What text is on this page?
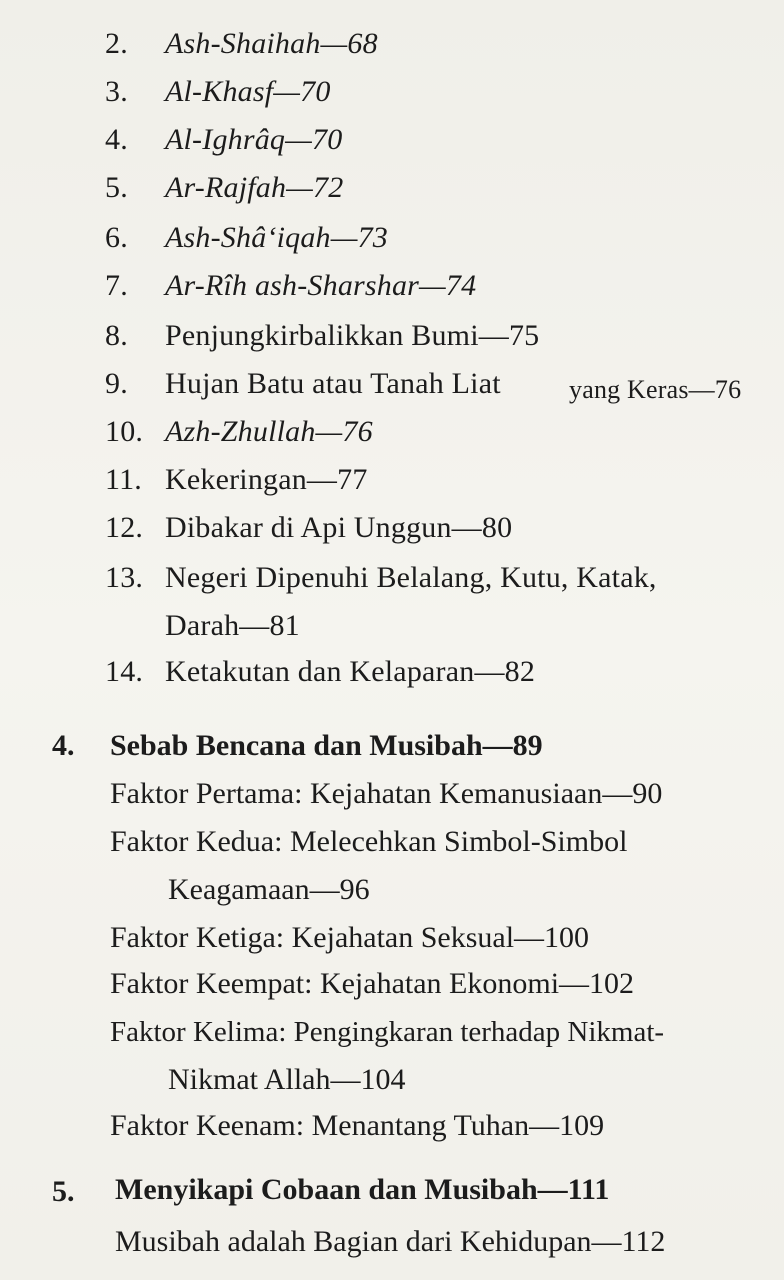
2. Ash-Shaihah—68
3. Al-Khasf—70
4. Al-Ighrâq—70
5. Ar-Rajfah—72
6. Ash-Shâ‘iqah—73
7. Ar-Rîh ash-Sharshar—74
8. Penjungkirbalikkan Bumi—75
9. Hujan Batu atau Tanah Liat	yang Keras—76
10. Azh-Zhullah—76
11. Kekeringan—77
12. Dibakar di Api Unggun—80
13. Negeri Dipenuhi Belalang, Kutu, Katak,
Darah—81
14. Ketakutan dan Kelaparan—82
4. Sebab Bencana dan Musibah—89
Faktor Pertama: Kejahatan Kemanusiaan—90
Faktor Kedua: Melecehkan Simbol-Simbol
Keagamaan—96
Faktor Ketiga: Kejahatan Seksual—100
Faktor Keempat: Kejahatan Ekonomi—102
Faktor Kelima: Pengingkaran terhadap Nikmat-
Nikmat Allah—104
Faktor Keenam: Menantang Tuhan—109
5. Menyikapi Cobaan dan Musibah—111
Musibah adalah Bagian dari Kehidupan—112
